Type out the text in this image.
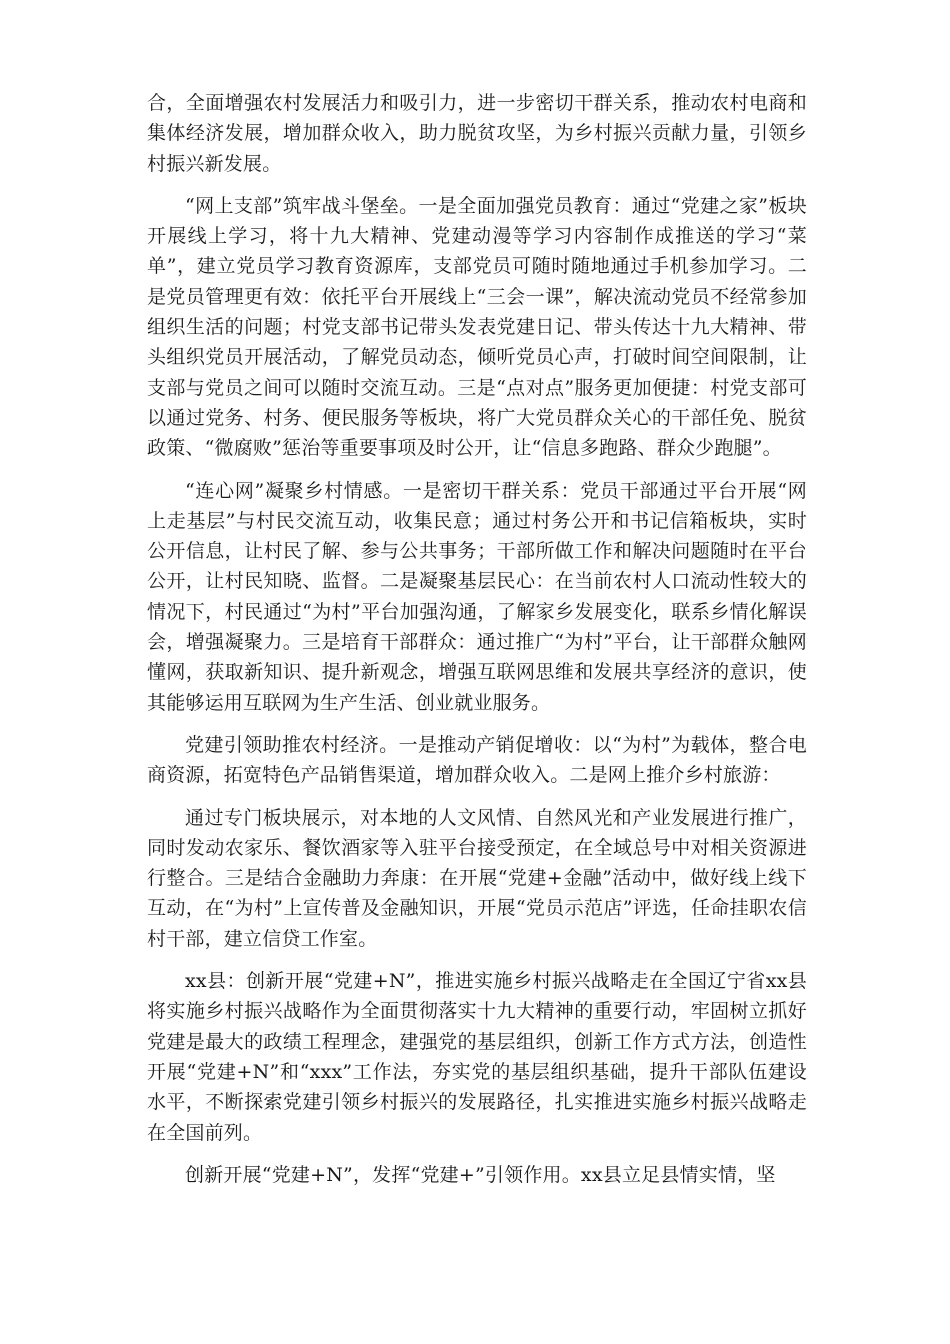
合，全面增强农村发展活力和吸引力，进一步密切干群关系，推动农村电商和集体经济发展，增加群众收入，助力脱贫攻坚，为乡村振兴贡献力量，引领乡村振兴新发展。

“网上支部”筑牢战斗堡垒。一是全面加强党员教育：通过“党建之家”板块开展线上学习，将十九大精神、党建动漫等学习内容制作成推送的学习“菜单”，建立党员学习教育资源库，支部党员可随时随地通过手机参加学习。二是党员管理更有效：依托平台开展线上“三会一课”，解决流动党员不经常参加组织生活的问题；村党支部书记带头发表党建日记、带头传达十九大精神、带头组织党员开展活动，了解党员动态，倾听党员心声，打破时间空间限制，让支部与党员之间可以随时交流互动。三是“点对点”服务更加便捷：村党支部可以通过党务、村务、便民服务等板块，将广大党员群众关心的干部任免、脱贫政策、“微腐败”惩治等重要事项及时公开，让“信息多跑路、群众少跑腿”。

“连心网”凝聚乡村情感。一是密切干群关系：党员干部通过平台开展“网上走基层”与村民交流互动，收集民意；通过村务公开和书记信箱板块，实时公开信息，让村民了解、参与公共事务；干部所做工作和解决问题随时在平台公开，让村民知晓、监督。二是凝聚基层民心：在当前农村人口流动性较大的情况下，村民通过“为村”平台加强沟通，了解家乡发展变化，联系乡情化解误会，增强凝聚力。三是培育干部群众：通过推广“为村”平台，让干部群众触网懂网，获取新知识、提升新观念，增强互联网思维和发展共享经济的意识，使其能够运用互联网为生产生活、创业就业服务。

党建引领助推农村经济。一是推动产销促增收：以“为村”为载体，整合电商资源，拓宽特色产品销售渠道，增加群众收入。二是网上推介乡村旅游：

通过专门板块展示，对本地的人文风情、自然风光和产业发展进行推广，同时发动农家乐、餐饮酒家等入驻平台接受预定，在全域总号中对相关资源进行整合。三是结合金融助力奔康：在开展“党建+金融”活动中，做好线上线下互动，在“为村”上宣传普及金融知识，开展“党员示范店”评选，任命挂职农信村干部，建立信贷工作室。

xx县：创新开展“党建+N”，推进实施乡村振兴战略走在全国辽宁省xx县将实施乡村振兴战略作为全面贯彻落实十九大精神的重要行动，牢固树立抓好党建是最大的政绩工程理念，建强党的基层组织，创新工作方式方法，创造性开展“党建+N”和“xxx”工作法，夯实党的基层组织基础，提升干部队伍建设水平，不断探索党建引领乡村振兴的发展路径，扎实推进实施乡村振兴战略走在全国前列。

创新开展“党建+N”，发挥“党建+”引领作用。xx县立足县情实情，坚
